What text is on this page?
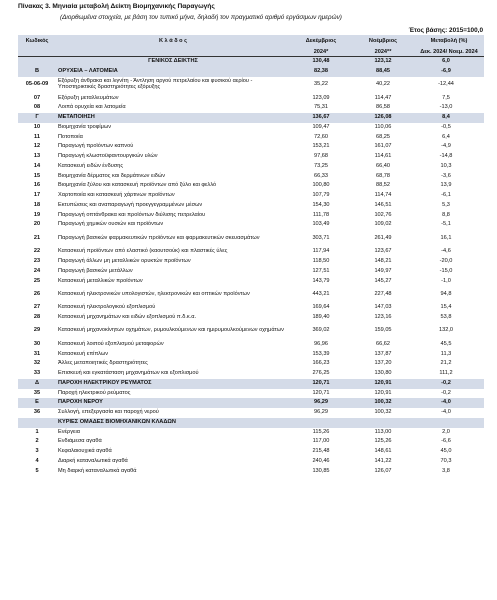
Πίνακας 3. Μηνιαία μεταβολή Δείκτη Βιομηχανικής Παραγωγής
(Διορθωμένα στοιχεία, με βάση τον τυπικό μήνα, δηλαδή τον πραγματικό αριθμό εργάσιμων ημερών)
Έτος βάσης: 2015=100,0
Κωδικός	Κ λ ά δ ο ς	Δεκέμβριος	Νοέμβριος	Μεταβολή (%)
		2024*	2024**	Δεκ. 2024/ Νοεμ. 2024
	ΓΕΝΙΚΟΣ ΔΕΙΚΤΗΣ	130,48	123,12	6,0
B	ΟΡΥΧΕΙΑ – ΛΑΤΟΜΕΙΑ	82,38	88,45	-6,9
05-06-09	Εξόρυξη άνθρακα και λιγνίτη - Άντληση αργού πετρελαίου και φυσικού αερίου - Υποστηρικτικές δραστηριότητες εξόρυξης	35,22	40,22	-12,44
07	Εξόρυξη μεταλλευμάτων	123,09	114,47	7,5
08	Λοιπά ορυχεία και λατομεία	75,31	86,58	-13,0
Γ	ΜΕΤΑΠΟΙΗΣΗ	136,67	126,08	8,4
10	Βιομηχανία τροφίμων	109,47	110,06	-0,5
11	Ποτοποιία	72,60	68,25	6,4
12	Παραγωγή προϊόντων καπνού	153,21	161,07	-4,9
13	Παραγωγή κλωστοϋφαντουργικών υλών	97,68	114,61	-14,8
14	Κατασκευή ειδών ένδυσης	73,25	66,40	10,3
15	Βιομηχανία δέρματος και δερμάτινων ειδών	66,33	68,78	-3,6
16	Βιομηχανία ξύλου και κατασκευή προϊόντων από ξύλο και φελλό	100,80	88,52	13,9
17	Χαρτοποιία και κατασκευή χάρτινων προϊόντων	107,79	114,74	-6,1
18	Εκτυπώσεις και αναπαραγωγή προεγγεγραμμένων μέσων	154,30	146,51	5,3
19	Παραγωγή οπτάνθρακα και προϊόντων διύλισης πετρελαίου	111,78	102,76	8,8
20	Παραγωγή χημικών ουσιών και προϊόντων	103,49	109,02	-5,1
21	Παραγωγή βασικών φαρμακευτικών προϊόντων και φαρμακευτικών σκευασμάτων	303,71	261,49	16,1
22	Κατασκευή προϊόντων από ελαστικό (καουτσούκ) και πλαστικές ύλες	117,94	123,67	-4,6
23	Παραγωγή άλλων μη μεταλλικών ορυκτών προϊόντων	118,50	148,21	-20,0
24	Παραγωγή βασικών μετάλλων	127,51	149,97	-15,0
25	Κατασκευή μεταλλικών προϊόντων	143,79	145,27	-1,0
26	Κατασκευή ηλεκτρονικών υπολογιστών, ηλεκτρονικών και οπτικών προϊόντων	443,21	227,48	94,8
27	Κατασκευή ηλεκτρολογικού εξοπλισμού	169,64	147,03	15,4
28	Κατασκευή μηχανημάτων και ειδών εξοπλισμού π.δ.κ.α.	189,40	123,16	53,8
29	Κατασκευή μηχανοκίνητων οχημάτων, ρυμουλκούμενων και ημιρυμουλκούμενων οχημάτων	369,02	159,05	132,0
30	Κατασκευή λοιπού εξοπλισμού μεταφορών	96,96	66,62	45,5
31	Κατασκευή επίπλων	153,39	137,87	11,3
32	Άλλες μεταποιητικές δραστηριότητες	166,23	137,20	21,2
33	Επισκευή και εγκατάσταση μηχανημάτων και εξοπλισμού	276,25	130,80	111,2
Δ	ΠΑΡΟΧΗ ΗΛΕΚΤΡΙΚΟΥ ΡΕΥΜΑΤΟΣ	120,71	120,91	-0,2
35	Παροχή ηλεκτρικού ρεύματος	120,71	120,91	-0,2
E	ΠΑΡΟΧΗ ΝΕΡΟΥ	96,29	100,32	-4,0
36	Συλλογή, επεξεργασία και παροχή νερού	96,29	100,32	-4,0
	ΚΥΡΙΕΣ ΟΜΑΔΕΣ ΒΙΟΜΗΧΑΝΙΚΩΝ ΚΛΑΔΩΝ			
1	Ενέργεια	115,26	113,00	2,0
2	Ενδιάμεσα αγαθά	117,00	125,26	-6,6
3	Κεφαλαιουχικά αγαθά	215,48	148,61	45,0
4	Διαρκή καταναλωτικά αγαθά	240,46	141,22	70,3
5	Μη διαρκή καταναλωτικά αγαθά	130,85	126,07	3,8
